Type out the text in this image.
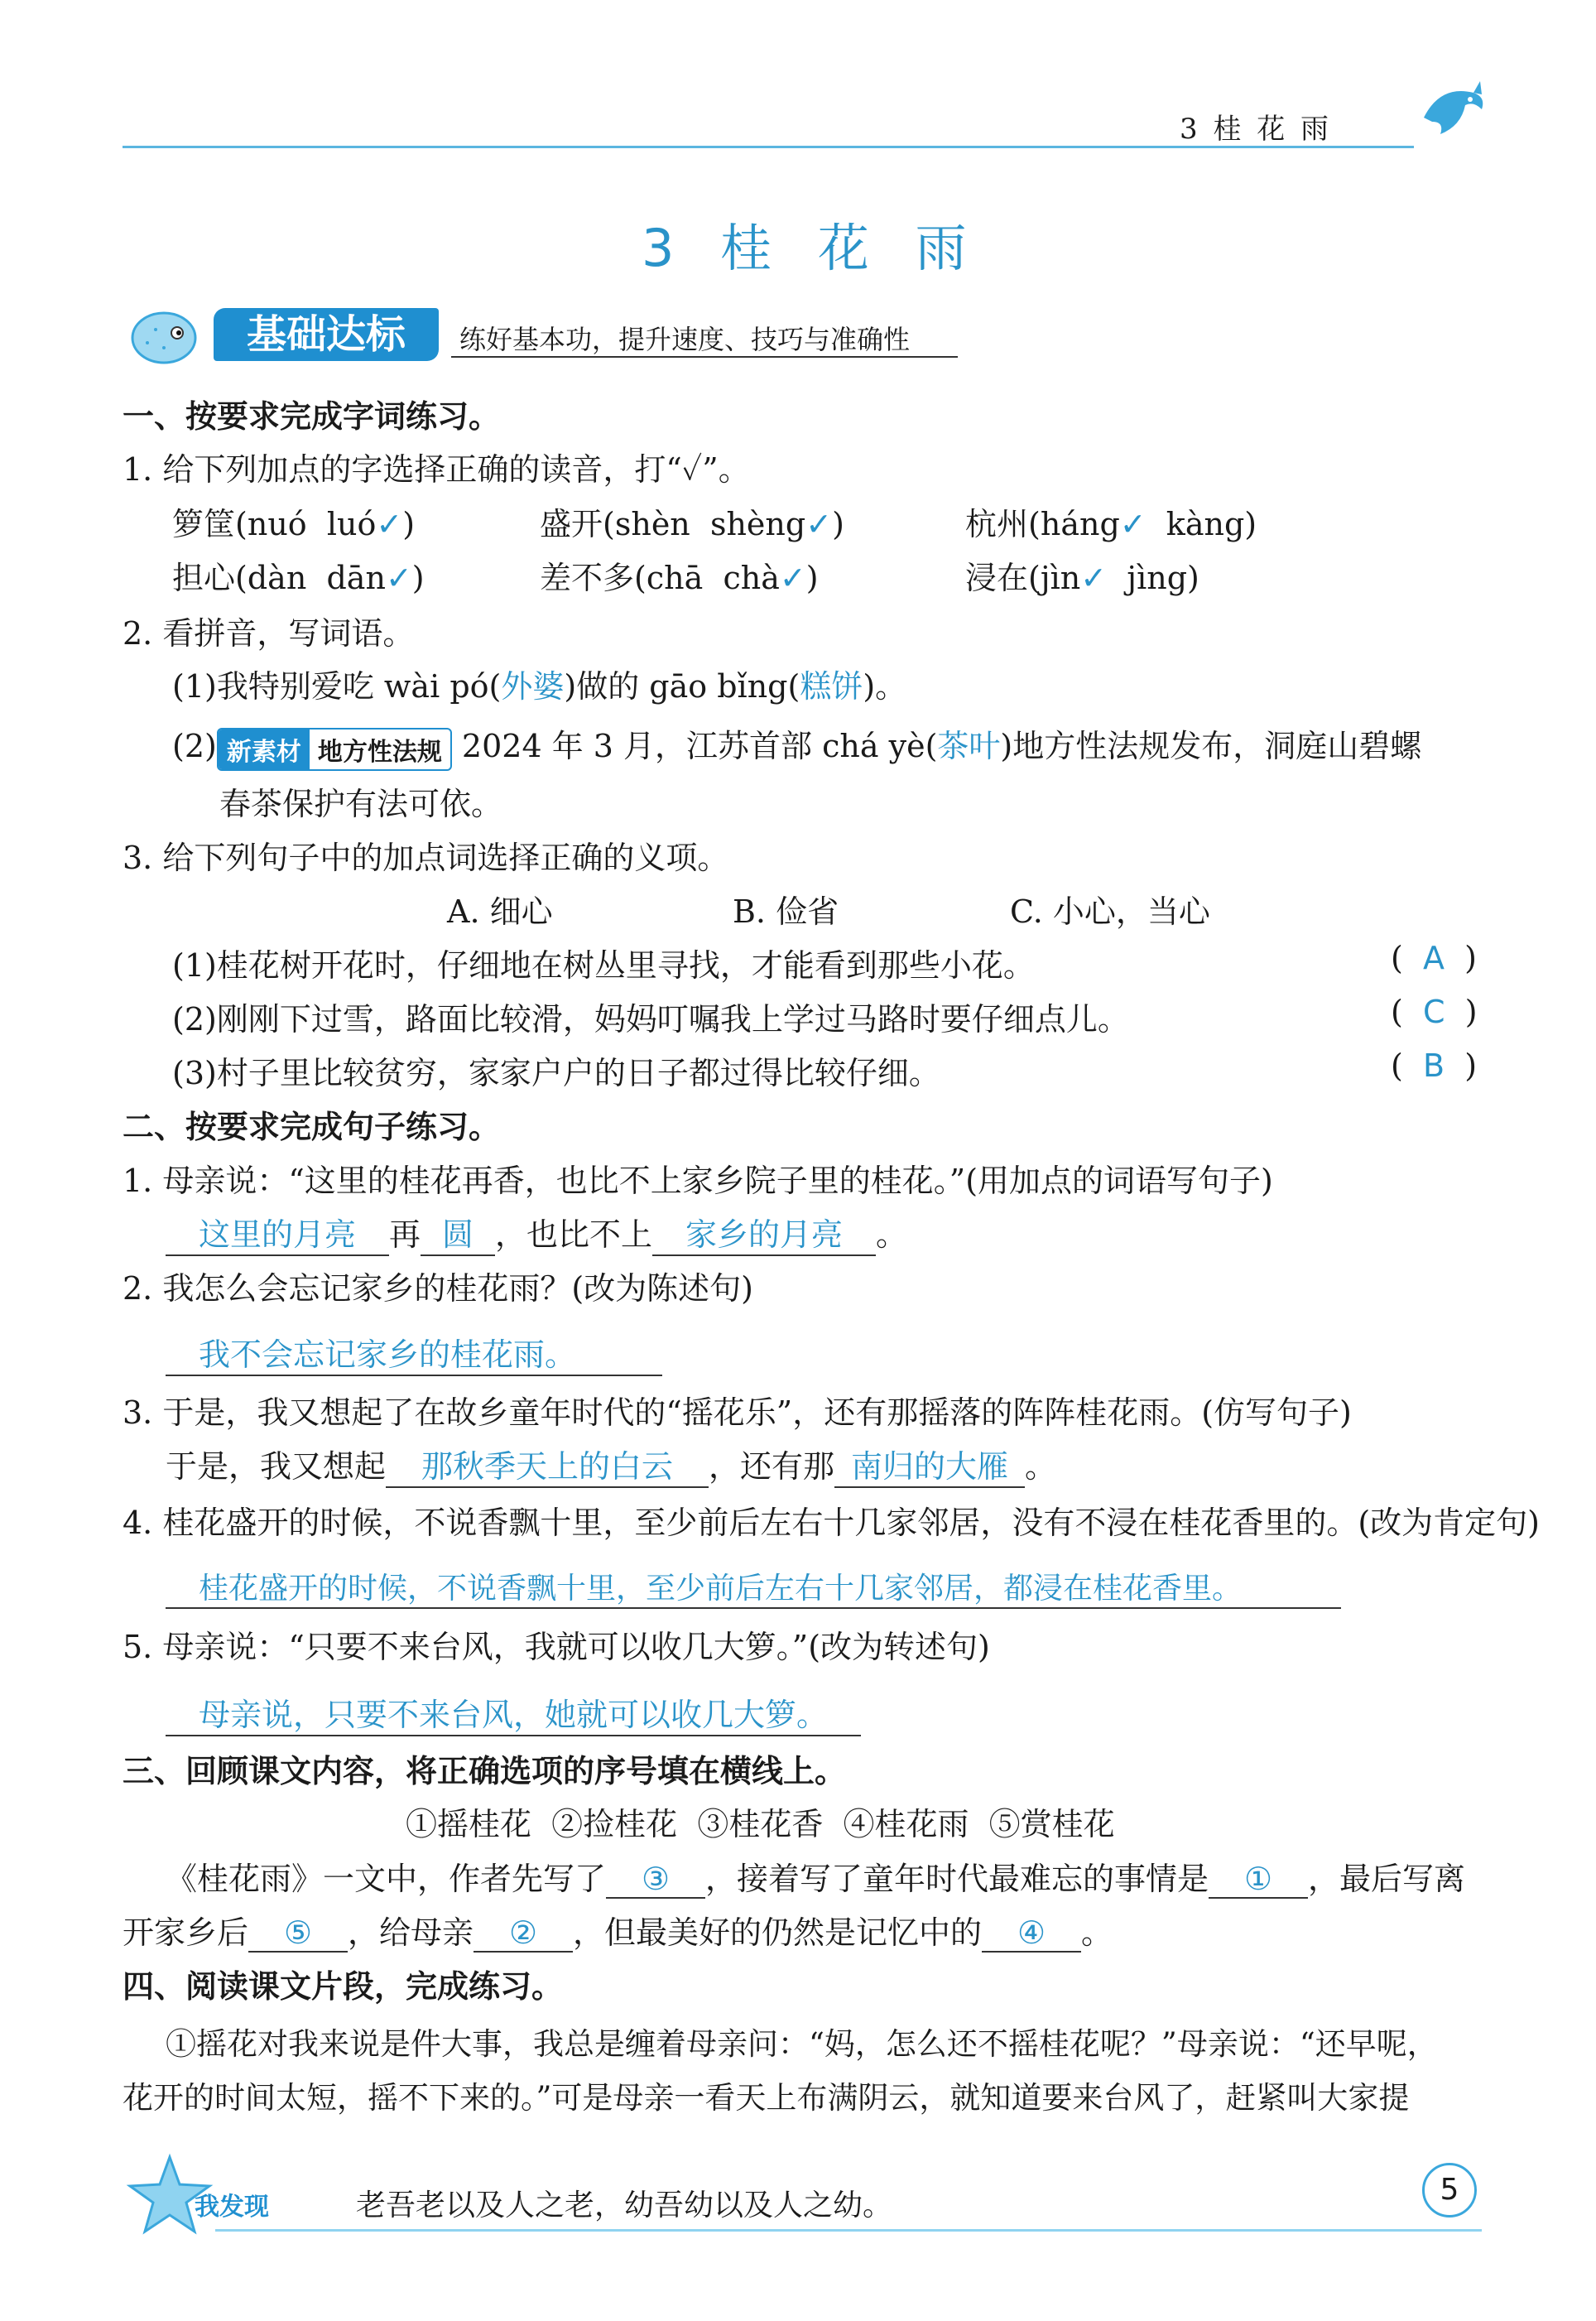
3 桂 花 雨
3 桂 花 雨
基础达标	练好基本功，提升速度、技巧与准确性
一、按要求完成字词练习。
1. 给下列加点的字选择正确的读音，打“✓”。
箩筐(nuó luó✓)	盛开(shèn shèng✓)	杭州(háng✓ kàng)
担心(dàn dān✓)	差不多(chā chà✓)	浸在(jìn✓ jìng)
2. 看拼音，写词语。
(1)我特别爱吃 wài pó(外婆)做的 gāo bǐng(糕饼)。
(2) 新素材 地方性法规 2024 年 3 月，江苏首部 chá yè(茶叶)地方性法规发布，洞庭山碧螺
春茶保护有法可依。
3. 给下列句子中的加点词选择正确的义项。
A. 细心	B. 俭省	C. 小心，当心
(1)桂花树开花时，仔细地在树丛里寻找，才能看到那些小花。	(  A  )
(2)刚刚下过雪，路面比较滑，妈妈叮嘱我上学过马路时要仔细点儿。	(  C  )
(3)村子里比较贫穷，家家户户的日子都过得比较仔细。	(  B  )
二、按要求完成句子练习。
1. 母亲说：“这里的桂花再香，也比不上家乡院子里的桂花。”(用加点的词语写句子)
这里的月亮 再 圆 ，也比不上 家乡的月亮 。
2. 我怎么会忘记家乡的桂花雨？(改为陈述句)
我不会忘记家乡的桂花雨。
3. 于是，我又想起了在故乡童年时代的“摇花乐”，还有那摇落的阵阵桂花雨。(仿写句子)
于是，我又想起 那秋季天上的白云 ，还有那 南归的大雁 。
4. 桂花盛开的时候，不说香飘十里，至少前后左右十几家邻居，没有不浸在桂花香里的。(改为肯定句)
桂花盛开的时候，不说香飘十里，至少前后左右十几家邻居，都浸在桂花香里。
5. 母亲说：“只要不来台风，我就可以收几大箩。”(改为转述句)
母亲说，只要不来台风，她就可以收几大箩。
三、回顾课文内容，将正确选项的序号填在横线上。
①摇桂花  ②捡桂花  ③桂花香  ④桂花雨  ⑤赏桂花
《桂花雨》一文中，作者先写了 ③ ，接着写了童年时代最难忘的事情是 ① ，最后写离
开家乡后 ⑤ ，给母亲 ② ，但最美好的仍然是记忆中的 ④ 。
四、阅读课文片段，完成练习。
①摇花对我来说是件大事，我总是缠着母亲问：“妈，怎么还不摇桂花呢？”母亲说：“还早呢，
花开的时间太短，摇不下来的。”可是母亲一看天上布满阴云，就知道要来台风了，赶紧叫大家提
我发现	老吾老以及人之老，幼吾幼以及人之幼。	5
